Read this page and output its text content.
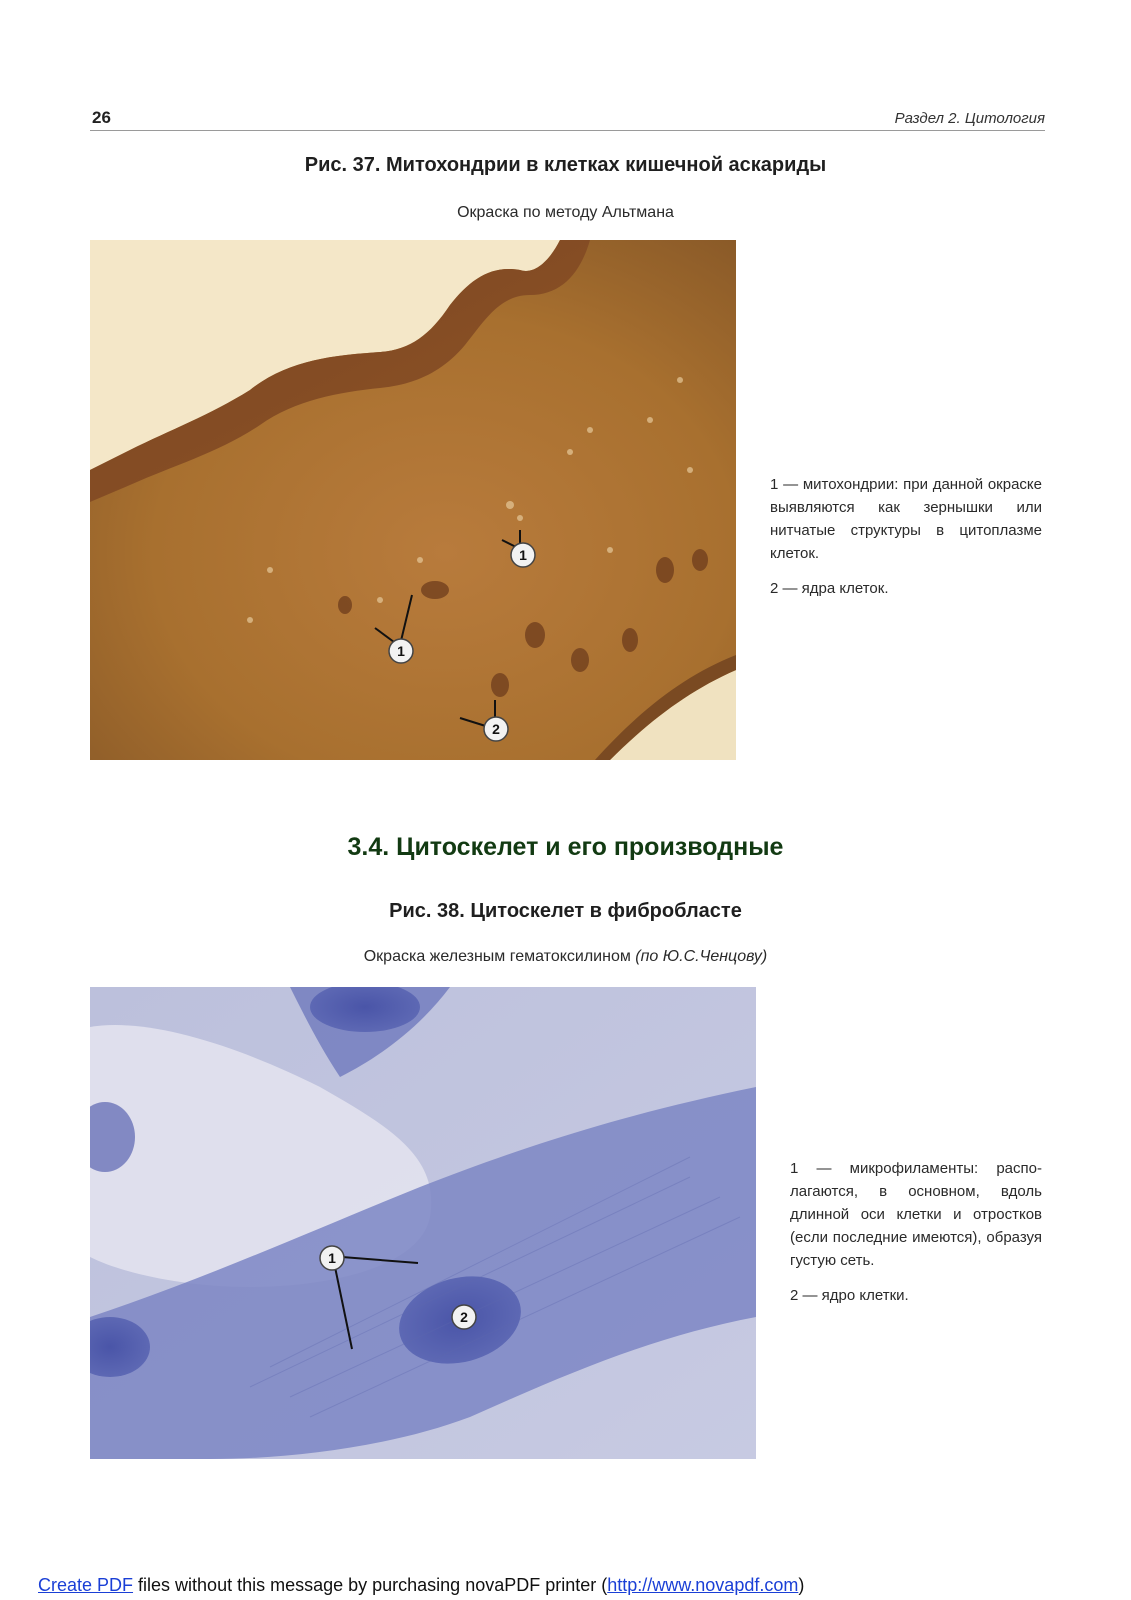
26	Раздел 2. Цитология
Рис. 37. Митохондрии в клетках кишечной аскариды
Окраска по методу Альтмана
1
1
2

1 — митохондрии: при данной окраске выявляются как зернышки или нитчатые структуры в цитоплазме клеток.

2 — ядра клеток.

3.4. Цитоскелет и его производные
Рис. 38. Цитоскелет в фибробласте
Окраска железным гематоксилином (по Ю.С.Ченцову)
1
2

1 — микрофиламенты: располагаются, в основном, вдоль длинной оси клетки и отростков (если последние имеются), образуя густую сеть.

2 — ядро клетки.

Create PDF files without this message by purchasing novaPDF printer (http://www.novapdf.com)
